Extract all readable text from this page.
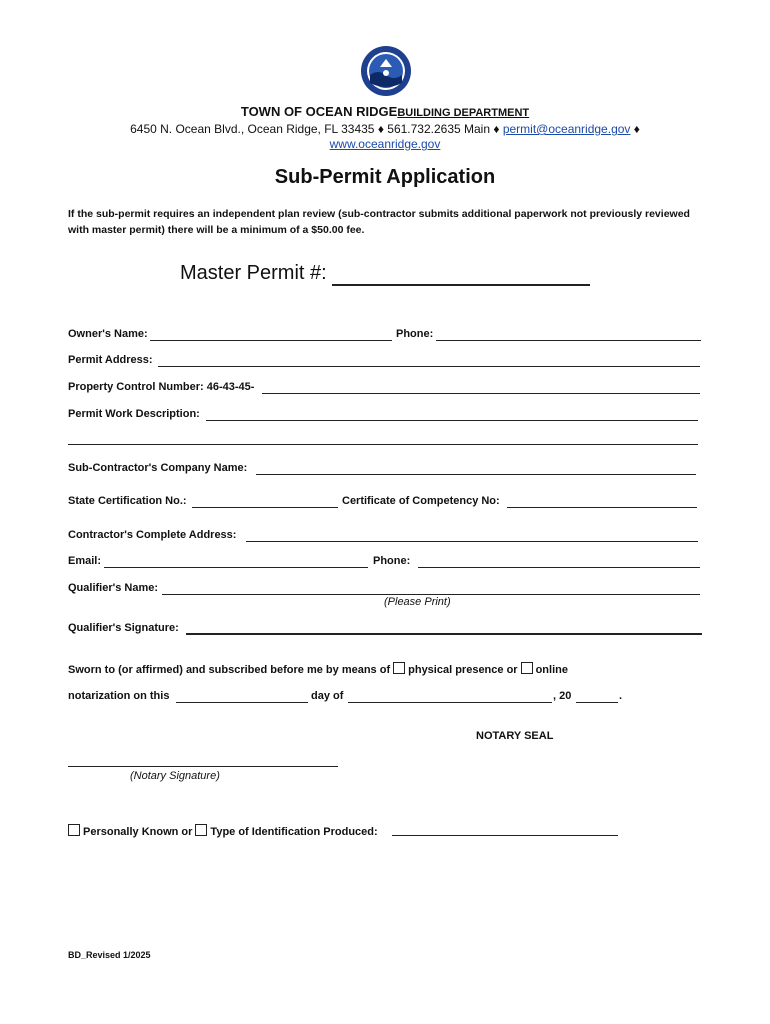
TOWN OF OCEAN RIDGEBUILDING DEPARTMENT
6450 N. Ocean Blvd., Ocean Ridge, FL 33435 ♦ 561.732.2635 Main ♦ permit@oceanridge.gov ♦
www.oceanridge.gov
Sub-Permit Application
If the sub-permit requires an independent plan review (sub-contractor submits additional paperwork not previously reviewed with master permit) there will be a minimum of a $50.00 fee.
Master Permit #:
Owner's Name:	Phone:
Permit Address:
Property Control Number: 46-43-45-
Permit Work Description:
Sub-Contractor's Company Name:
State Certification No.:	Certificate of Competency No:
Contractor's Complete Address:
Email:	Phone:
Qualifier's Name:
(Please Print)
Qualifier's Signature:
Sworn to (or affirmed) and subscribed before me by means of physical presence or online
notarization on this	day of	, 20	.
NOTARY SEAL
(Notary Signature)
Personally Known or Type of Identification Produced:
BD_Revised 1/2025
